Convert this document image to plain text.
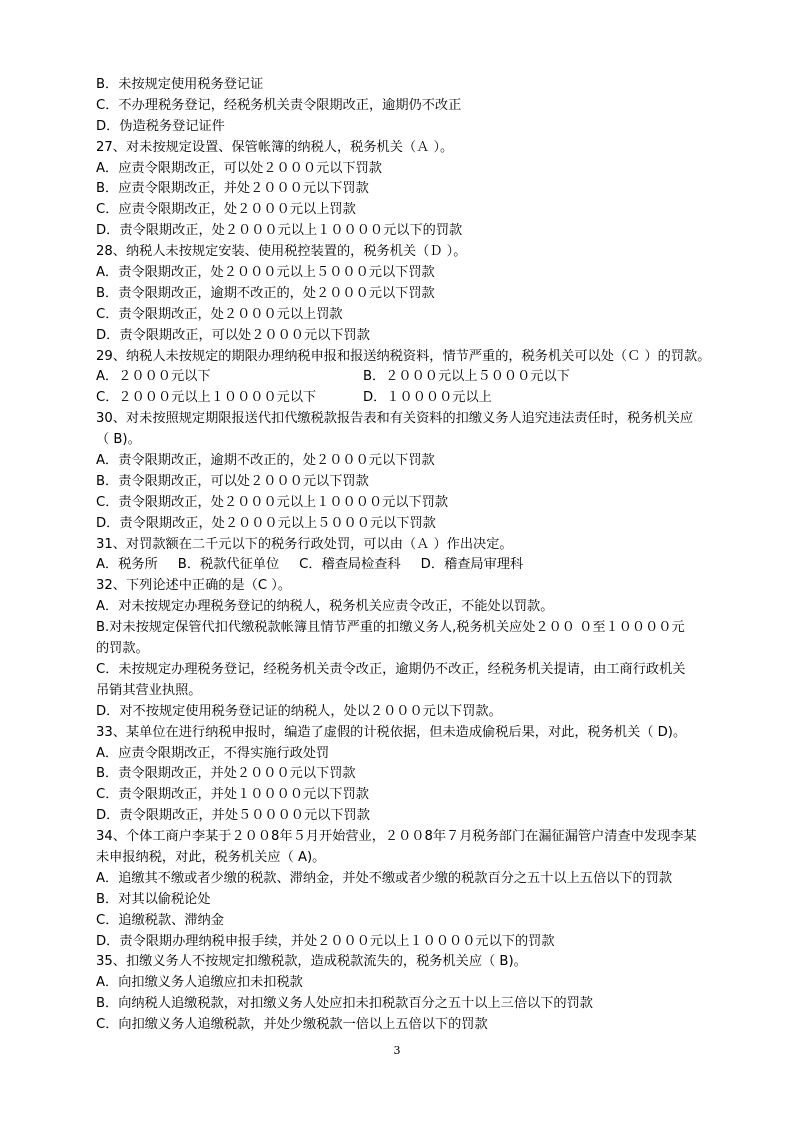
B．未按规定使用税务登记证
C．不办理税务登记，经税务机关责令限期改正，逾期仍不改正
D．伪造税务登记证件
27、对未按规定设置、保管帐簿的纳税人，税务机关（Ａ ）。
A．应责令限期改正，可以处２０００元以下罚款
B．应责令限期改正，并处２０００元以下罚款
C．应责令限期改正，处２０００元以上罚款
D．责令限期改正，处２０００元以上１００００元以下的罚款
28、纳税人未按规定安装、使用税控装置的，税务机关（Ｄ ）。
A．责令限期改正，处２０００元以上５０００元以下罚款
B．责令限期改正，逾期不改正的，处２０００元以下罚款
C．责令限期改正，处２０００元以上罚款
D．责令限期改正，可以处２０００元以下罚款
29、纳税人未按规定的期限办理纳税申报和报送纳税资料，情节严重的，税务机关可以处（Ｃ ）的罚款。
A．２０００元以下	B．２０００元以上５０００元以下
C．２０００元以上１００００元以下	D．１００００元以上
30、对未按照规定期限报送代扣代缴税款报告表和有关资料的扣缴义务人追究违法责任时，税务机关应
（ B)。
A．责令限期改正，逾期不改正的，处２０００元以下罚款
B．责令限期改正，可以处２０００元以下罚款
C．责令限期改正，处２０００元以上１００００元以下罚款
D．责令限期改正，处２０００元以上５０００元以下罚款
31、对罚款额在二千元以下的税务行政处罚，可以由（Ａ ）作出决定。
A．税务所 B．税款代征单位 C．稽查局检查科 D．稽查局审理科
32、下列论述中正确的是（C ）。
A．对未按规定办理税务登记的纳税人，税务机关应责令改正，不能处以罚款。
B.对未按规定保管代扣代缴税款帐簿且情节严重的扣缴义务人,税务机关应处２００ ０至１００００元
的罚款。
C．未按规定办理税务登记，经税务机关责令改正，逾期仍不改正，经税务机关提请，由工商行政机关
吊销其营业执照。
D．对不按规定使用税务登记证的纳税人，处以２０００元以下罚款。
33、某单位在进行纳税申报时，编造了虚假的计税依据，但未造成偷税后果，对此，税务机关（ D)。
A．应责令限期改正，不得实施行政处罚
B．责令限期改正，并处２０００元以下罚款
C．责令限期改正，并处１００００元以下罚款
D．责令限期改正，并处５００００元以下罚款
34、个体工商户李某于２００8年５月开始营业，２００8年７月税务部门在漏征漏管户清查中发现李某
未申报纳税，对此，税务机关应（ A)。
A．追缴其不缴或者少缴的税款、滞纳金，并处不缴或者少缴的税款百分之五十以上五倍以下的罚款
B．对其以偷税论处
C．追缴税款、滞纳金
D．责令限期办理纳税申报手续，并处２０００元以上１００００元以下的罚款
35、扣缴义务人不按规定扣缴税款，造成税款流失的，税务机关应（ B)。
A．向扣缴义务人追缴应扣未扣税款
B．向纳税人追缴税款，对扣缴义务人处应扣未扣税款百分之五十以上三倍以下的罚款
C．向扣缴义务人追缴税款，并处少缴税款一倍以上五倍以下的罚款
3
